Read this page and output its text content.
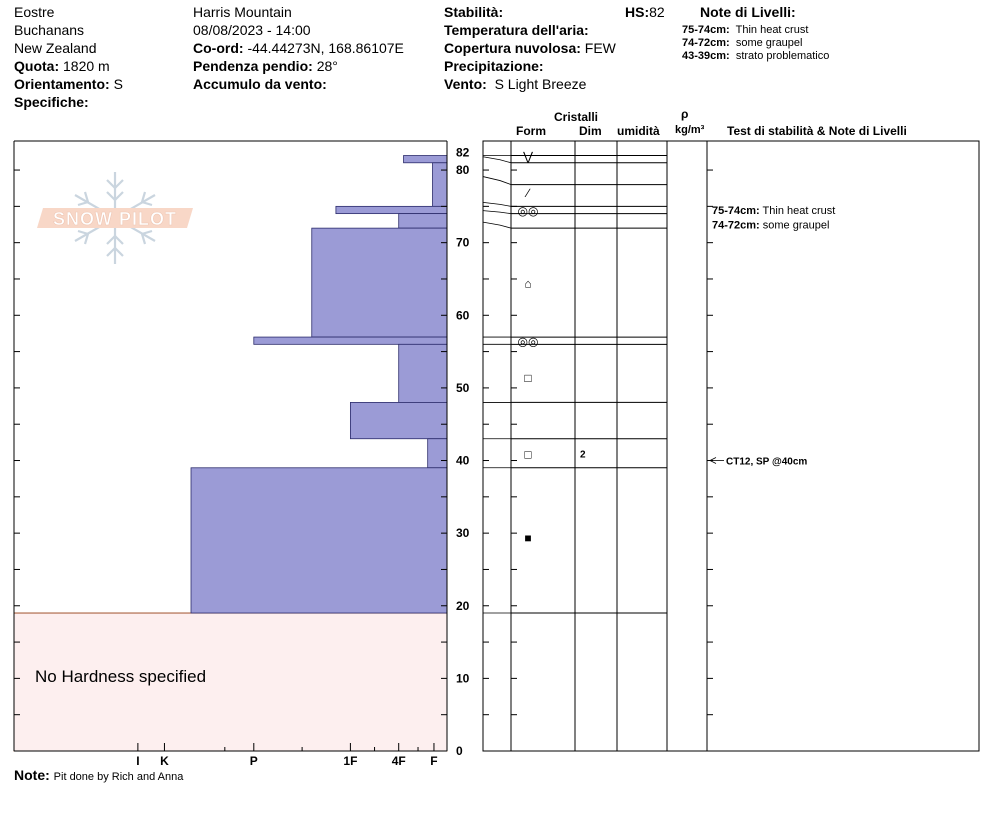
Eostre
Buchanans
New Zealand
Quota: 1820 m
Orientamento: S
Specifiche:
Harris Mountain
08/08/2023 - 14:00
Co-ord: -44.44273N, 168.86107E
Pendenza pendio: 28°
Accumulo da vento:
Stabilità:	HS:82
Temperatura dell'aria:
Copertura nuvolosa: FEW
Precipitazione:
Vento: S Light Breeze
Note di Livelli:
75-74cm: Thin heat crust
74-72cm: some graupel
43-39cm: strato problematico
Cristalli
Form	Dim umidità
ρ
kg/m³ Test di stabilità & Note di Livelli
0
10
20
30
40
50
60
70
80
82
I K	P	1F	4F F
⋁
∕
◎◎
⌂
◎◎
□
□
■
2
75-74cm: Thin heat crust
74-72cm: some graupel
CT12, SP @40cm
SNOW PILOT
No Hardness specified
Note: Pit done by Rich and Anna
